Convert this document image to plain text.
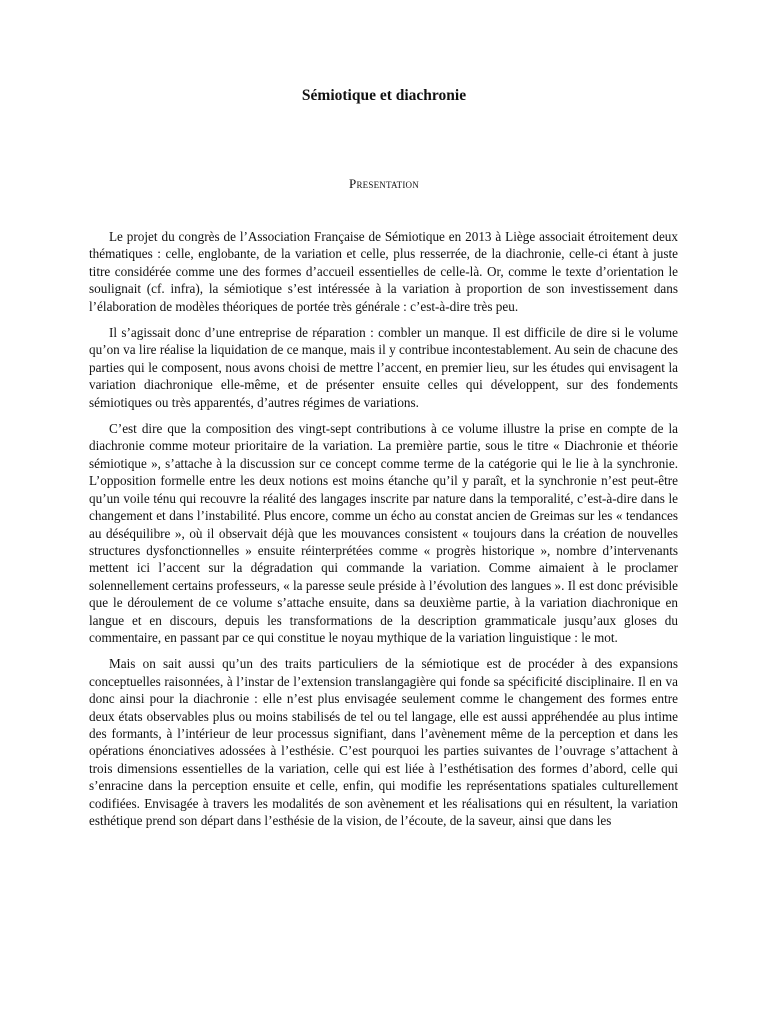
Sémiotique et diachronie
Presentation

Le projet du congrès de l’Association Française de Sémiotique en 2013 à Liège associait étroitement deux thématiques : celle, englobante, de la variation et celle, plus resserrée, de la diachronie, celle-ci étant à juste titre considérée comme une des formes d’accueil essentielles de celle-là. Or, comme le texte d’orientation le soulignait (cf. infra), la sémiotique s’est intéressée à la variation à proportion de son investissement dans l’élaboration de modèles théoriques de portée très générale : c’est-à-dire très peu.

Il s’agissait donc d’une entreprise de réparation : combler un manque. Il est difficile de dire si le volume qu’on va lire réalise la liquidation de ce manque, mais il y contribue incontestablement. Au sein de chacune des parties qui le composent, nous avons choisi de mettre l’accent, en premier lieu, sur les études qui envisagent la variation diachronique elle-même, et de présenter ensuite celles qui développent, sur des fondements sémiotiques ou très apparentés, d’autres régimes de variations.

C’est dire que la composition des vingt-sept contributions à ce volume illustre la prise en compte de la diachronie comme moteur prioritaire de la variation. La première partie, sous le titre « Diachronie et théorie sémiotique », s’attache à la discussion sur ce concept comme terme de la catégorie qui le lie à la synchronie. L’opposition formelle entre les deux notions est moins étanche qu’il y paraît, et la synchronie n’est peut-être qu’un voile ténu qui recouvre la réalité des langages inscrite par nature dans la temporalité, c’est-à-dire dans le changement et dans l’instabilité. Plus encore, comme un écho au constat ancien de Greimas sur les « tendances au déséquilibre », où il observait déjà que les mouvances consistent « toujours dans la création de nouvelles structures dysfonctionnelles » ensuite réinterprétées comme « progrès historique », nombre d’intervenants mettent ici l’accent sur la dégradation qui commande la variation. Comme aimaient à le proclamer solennellement certains professeurs, « la paresse seule préside à l’évolution des langues ». Il est donc prévisible que le déroulement de ce volume s’attache ensuite, dans sa deuxième partie, à la variation diachronique en langue et en discours, depuis les transformations de la description grammaticale jusqu’aux gloses du commentaire, en passant par ce qui constitue le noyau mythique de la variation linguistique : le mot.

Mais on sait aussi qu’un des traits particuliers de la sémiotique est de procéder à des expansions conceptuelles raisonnées, à l’instar de l’extension translangagière qui fonde sa spécificité disciplinaire. Il en va donc ainsi pour la diachronie : elle n’est plus envisagée seulement comme le changement des formes entre deux états observables plus ou moins stabilisés de tel ou tel langage, elle est aussi appréhendée au plus intime des formants, à l’intérieur de leur processus signifiant, dans l’avènement même de la perception et dans les opérations énonciatives adossées à l’esthésie. C’est pourquoi les parties suivantes de l’ouvrage s’attachent à trois dimensions essentielles de la variation, celle qui est liée à l’esthétisation des formes d’abord, celle qui s’enracine dans la perception ensuite et celle, enfin, qui modifie les représentations spatiales culturellement codifiées. Envisagée à travers les modalités de son avènement et les réalisations qui en résultent, la variation esthétique prend son départ dans l’esthésie de la vision, de l’écoute, de la saveur, ainsi que dans les
